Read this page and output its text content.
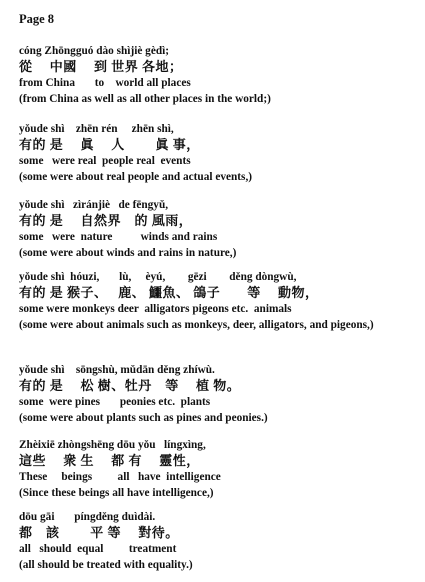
Page 8
cóng Zhōngguó dào shìjiè gèdì;
從　 中國　 到 世界 各地；
from China       to    world all places
(from China as well as all other places in the world;)
yǒude shì    zhēn rén     zhēn shì,
有的 是　 眞　 人　　 眞 事，
some   were real  people real  events
(some were about real people and actual events,)
yǒude shì   zìránjiè   de fēngyǔ,
有的 是　 自然界　的 風雨，
some   were  nature          winds and rains
(some were about winds and rains in nature,)
yǒude shì  hóuzi,       lù,     èyú,        gēzi        děng dòngwù,
有的 是 猴子、　 鹿、 鱷魚、 鴿子　　等　 動物，
some were monkeys deer  alligators pigeons etc.  animals
(some were about animals such as monkeys, deer, alligators, and pigeons,)
yǒude shì    sōngshù, mǔdān děng zhíwù.
有的 是　 松 樹、牡丹　等　 植 物。
some  were pines       peonies etc.  plants
(some were about plants such as pines and peonies.)
Zhèixiē zhòngshēng dōu yǒu   língxìng,
這些　 衆 生　 都 有　 靈性，
These     beings         all   have  intelligence
(Since these beings all have intelligence,)
dōu gāi       píngděng duìdài.
都　該　　 平 等　 對待。
all   should  equal         treatment
(all should be treated with equality.)
